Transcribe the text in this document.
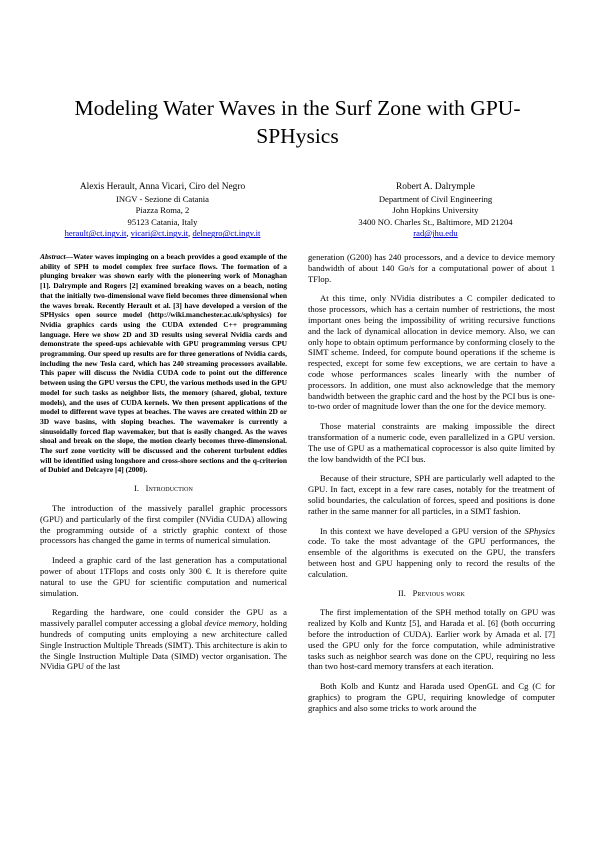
Modeling Water Waves in the Surf Zone with GPU-
SPHysics
Alexis Herault, Anna Vicari, Ciro del Negro
INGV - Sezione di Catania
Piazza Roma, 2
95123 Catania, Italy
herault@ct.ingv.it, vicari@ct.ingv.it, delnegro@ct.ingv.it
Robert A. Dalrymple
Department of Civil Engineering
John Hopkins University
3400 NO. Charles St., Baltimore, MD 21204
rad@jhu.edu

Abstract—Water waves impinging on a beach provides a good example of the ability of SPH to model complex free surface flows. The formation of a plunging breaker was shown early with the pioneering work of Monaghan [1]. Dalrymple and Rogers [2] examined breaking waves on a beach, noting that the initially two-dimensional wave field becomes three dimensional when the waves break. Recently Herault et al. [3] have developed a version of the SPHysics open source model (http://wiki.manchester.ac.uk/sphysics) for Nvidia graphics cards using the CUDA extended C++ programming language. Here we show 2D and 3D results using several Nvidia cards and demonstrate the speed-ups achievable with GPU programming versus CPU programming. Our speed up results are for three generations of Nvidia cards, including the new Tesla card, which has 240 streaming processors available. This paper will discuss the Nvidia CUDA code to point out the difference between using the GPU versus the CPU, the various methods used in the GPU model for such tasks as neighbor lists, the memory (shared, global, texture models), and the uses of CUDA kernels. We then present applications of the model to different wave types at beaches. The waves are created within 2D or 3D wave basins, with sloping beaches. The wavemaker is currently a sinusoidally forced flap wavemaker, but that is easily changed. As the waves shoal and break on the slope, the motion clearly becomes three-dimensional. The surf zone vorticity will be discussed and the coherent turbulent eddies will be identified using longshore and cross-shore sections and the q-criterion of Dubief and Delcayre [4] (2000).

I. Introduction

The introduction of the massively parallel graphic processors (GPU) and particularly of the first compiler (NVidia CUDA) allowing the programming outside of a strictly graphic context of those processors has changed the game in terms of numerical simulation.

Indeed a graphic card of the last generation has a computational power of about 1TFlops and costs only 300 €. It is therefore quite natural to use the GPU for scientific computation and numerical simulation.

Regarding the hardware, one could consider the GPU as a massively parallel computer accessing a global device memory, holding hundreds of computing units employing a new architecture called Single Instruction Multiple Threads (SIMT). This architecture is akin to the Single Instruction Multiple Data (SIMD) vector organisation. The NVidia GPU of the last

generation (G200) has 240 processors, and a device to device memory bandwidth of about 140 Go/s for a computational power of about 1 TFlop.

At this time, only NVidia distributes a C compiler dedicated to those processors, which has a certain number of restrictions, the most important ones being the impossibility of writing recursive functions and the lack of dynamical allocation in device memory. Also, we can only hope to obtain optimum performance by conforming closely to the SIMT scheme. Indeed, for compute bound operations if the scheme is respected, except for some few exceptions, we are certain to have a code whose performances scales linearly with the number of processors. In addition, one must also acknowledge that the memory bandwidth between the graphic card and the host by the PCI bus is one-to-two order of magnitude lower than the one for the device memory.

Those material constraints are making impossible the direct transformation of a numeric code, even parallelized in a GPU version. The use of GPU as a mathematical coprocessor is also quite limited by the low bandwidth of the PCI bus.

Because of their structure, SPH are particularly well adapted to the GPU. In fact, except in a few rare cases, notably for the treatment of solid boundaries, the calculation of forces, speed and positions is done rather in the same manner for all particles, in a SIMT fashion.

In this context we have developed a GPU version of the SPhysics code. To take the most advantage of the GPU performances, the ensemble of the algorithms is executed on the GPU, the transfers between host and GPU happening only to record the results of the calculation.

II. Previous work

The first implementation of the SPH method totally on GPU was realized by Kolb and Kuntz [5], and Harada et al. [6] (both occurring before the introduction of CUDA). Earlier work by Amada et al. [7] used the GPU only for the force computation, while administrative tasks such as neighbor search was done on the CPU, requiring no less than two host-card memory transfers at each iteration.

Both Kolb and Kuntz and Harada used OpenGL and Cg (C for graphics) to program the GPU, requiring knowledge of computer graphics and also some tricks to work around the
